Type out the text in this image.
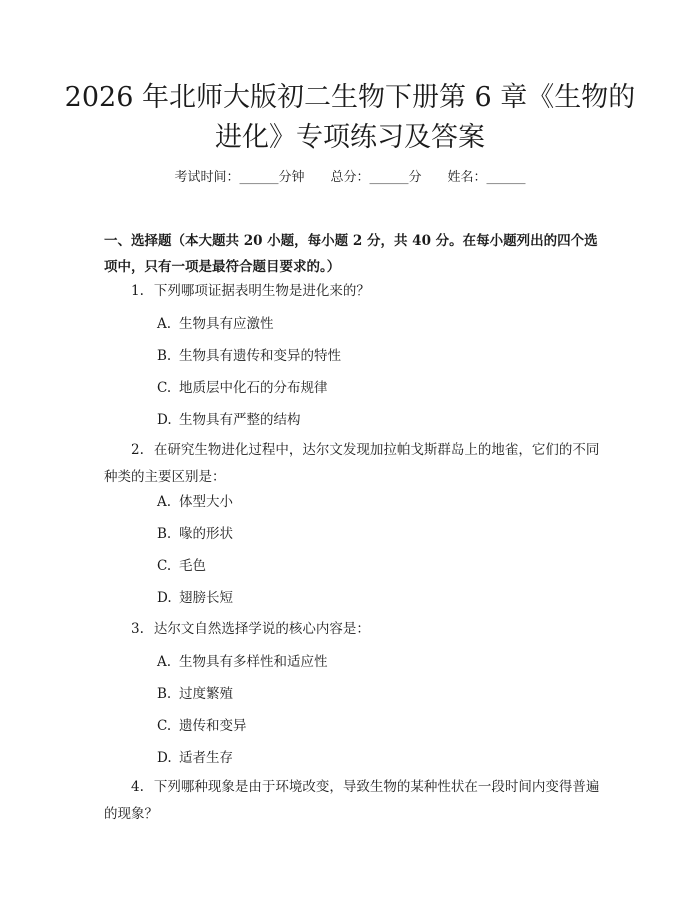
2026 年北师大版初二生物下册第 6 章《生物的进化》专项练习及答案
考试时间：______分钟 总分：______分 姓名：______
一、选择题（本大题共 20 小题，每小题 2 分，共 40 分。在每小题列出的四个选项中，只有一项是最符合题目要求的。）
1. 下列哪项证据表明生物是进化来的？
A. 生物具有应激性
B. 生物具有遗传和变异的特性
C. 地质层中化石的分布规律
D. 生物具有严整的结构
2. 在研究生物进化过程中，达尔文发现加拉帕戈斯群岛上的地雀，它们的不同种类的主要区别是：
A. 体型大小
B. 喙的形状
C. 毛色
D. 翅膀长短
3. 达尔文自然选择学说的核心内容是：
A. 生物具有多样性和适应性
B. 过度繁殖
C. 遗传和变异
D. 适者生存
4. 下列哪种现象是由于环境改变，导致生物的某种性状在一段时间内变得普遍的现象？
